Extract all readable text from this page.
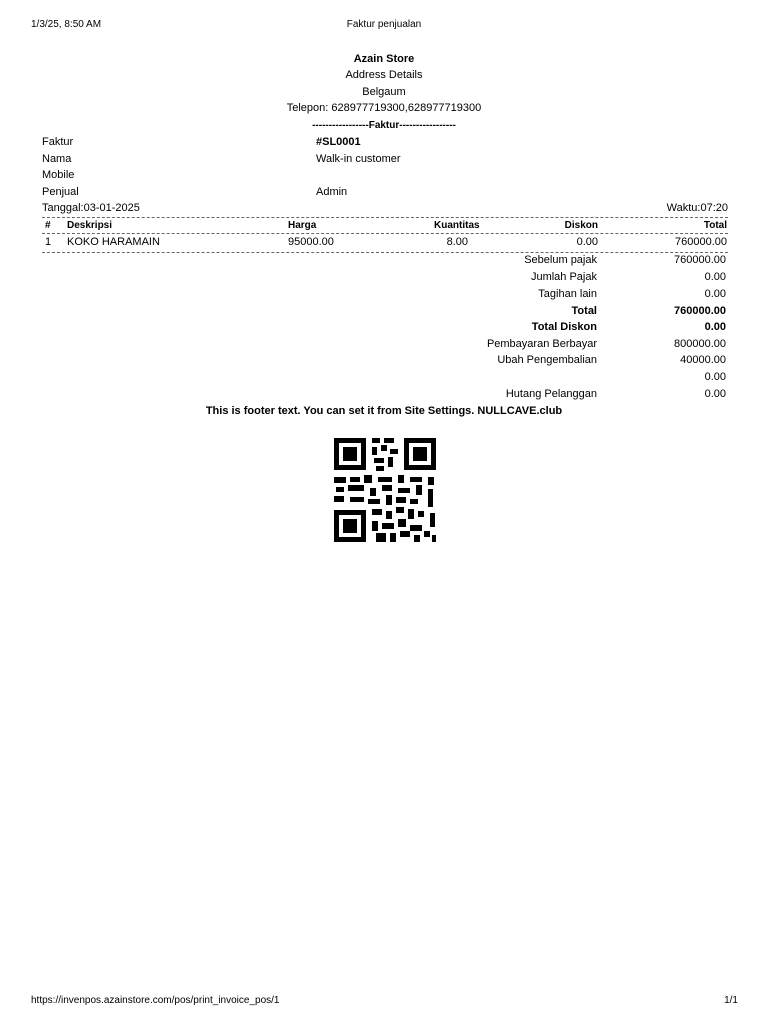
1/3/25, 8:50 AM	Faktur penjualan
Azain Store
Address Details
Belgaum
Telepon: 628977719300,628977719300
-----------------Faktur-----------------
Faktur	#SL0001
Nama	Walk-in customer
Mobile
Penjual	Admin
Tanggal:03-01-2025	Waktu:07:20
# Deskripsi	Harga	Kuantitas	Diskon	Total
1 KOKO HARAMAIN	95000.00	8.00	0.00	760000.00
Sebelum pajak	760000.00
Jumlah Pajak	0.00
Tagihan lain	0.00
Total	760000.00
Total Diskon	0.00
Pembayaran Berbayar	800000.00
Ubah Pengembalian	40000.00
0.00
Hutang Pelanggan	0.00
This is footer text. You can set it from Site Settings. NULLCAVE.club
https://invenpos.azainstore.com/pos/print_invoice_pos/1	1/1
